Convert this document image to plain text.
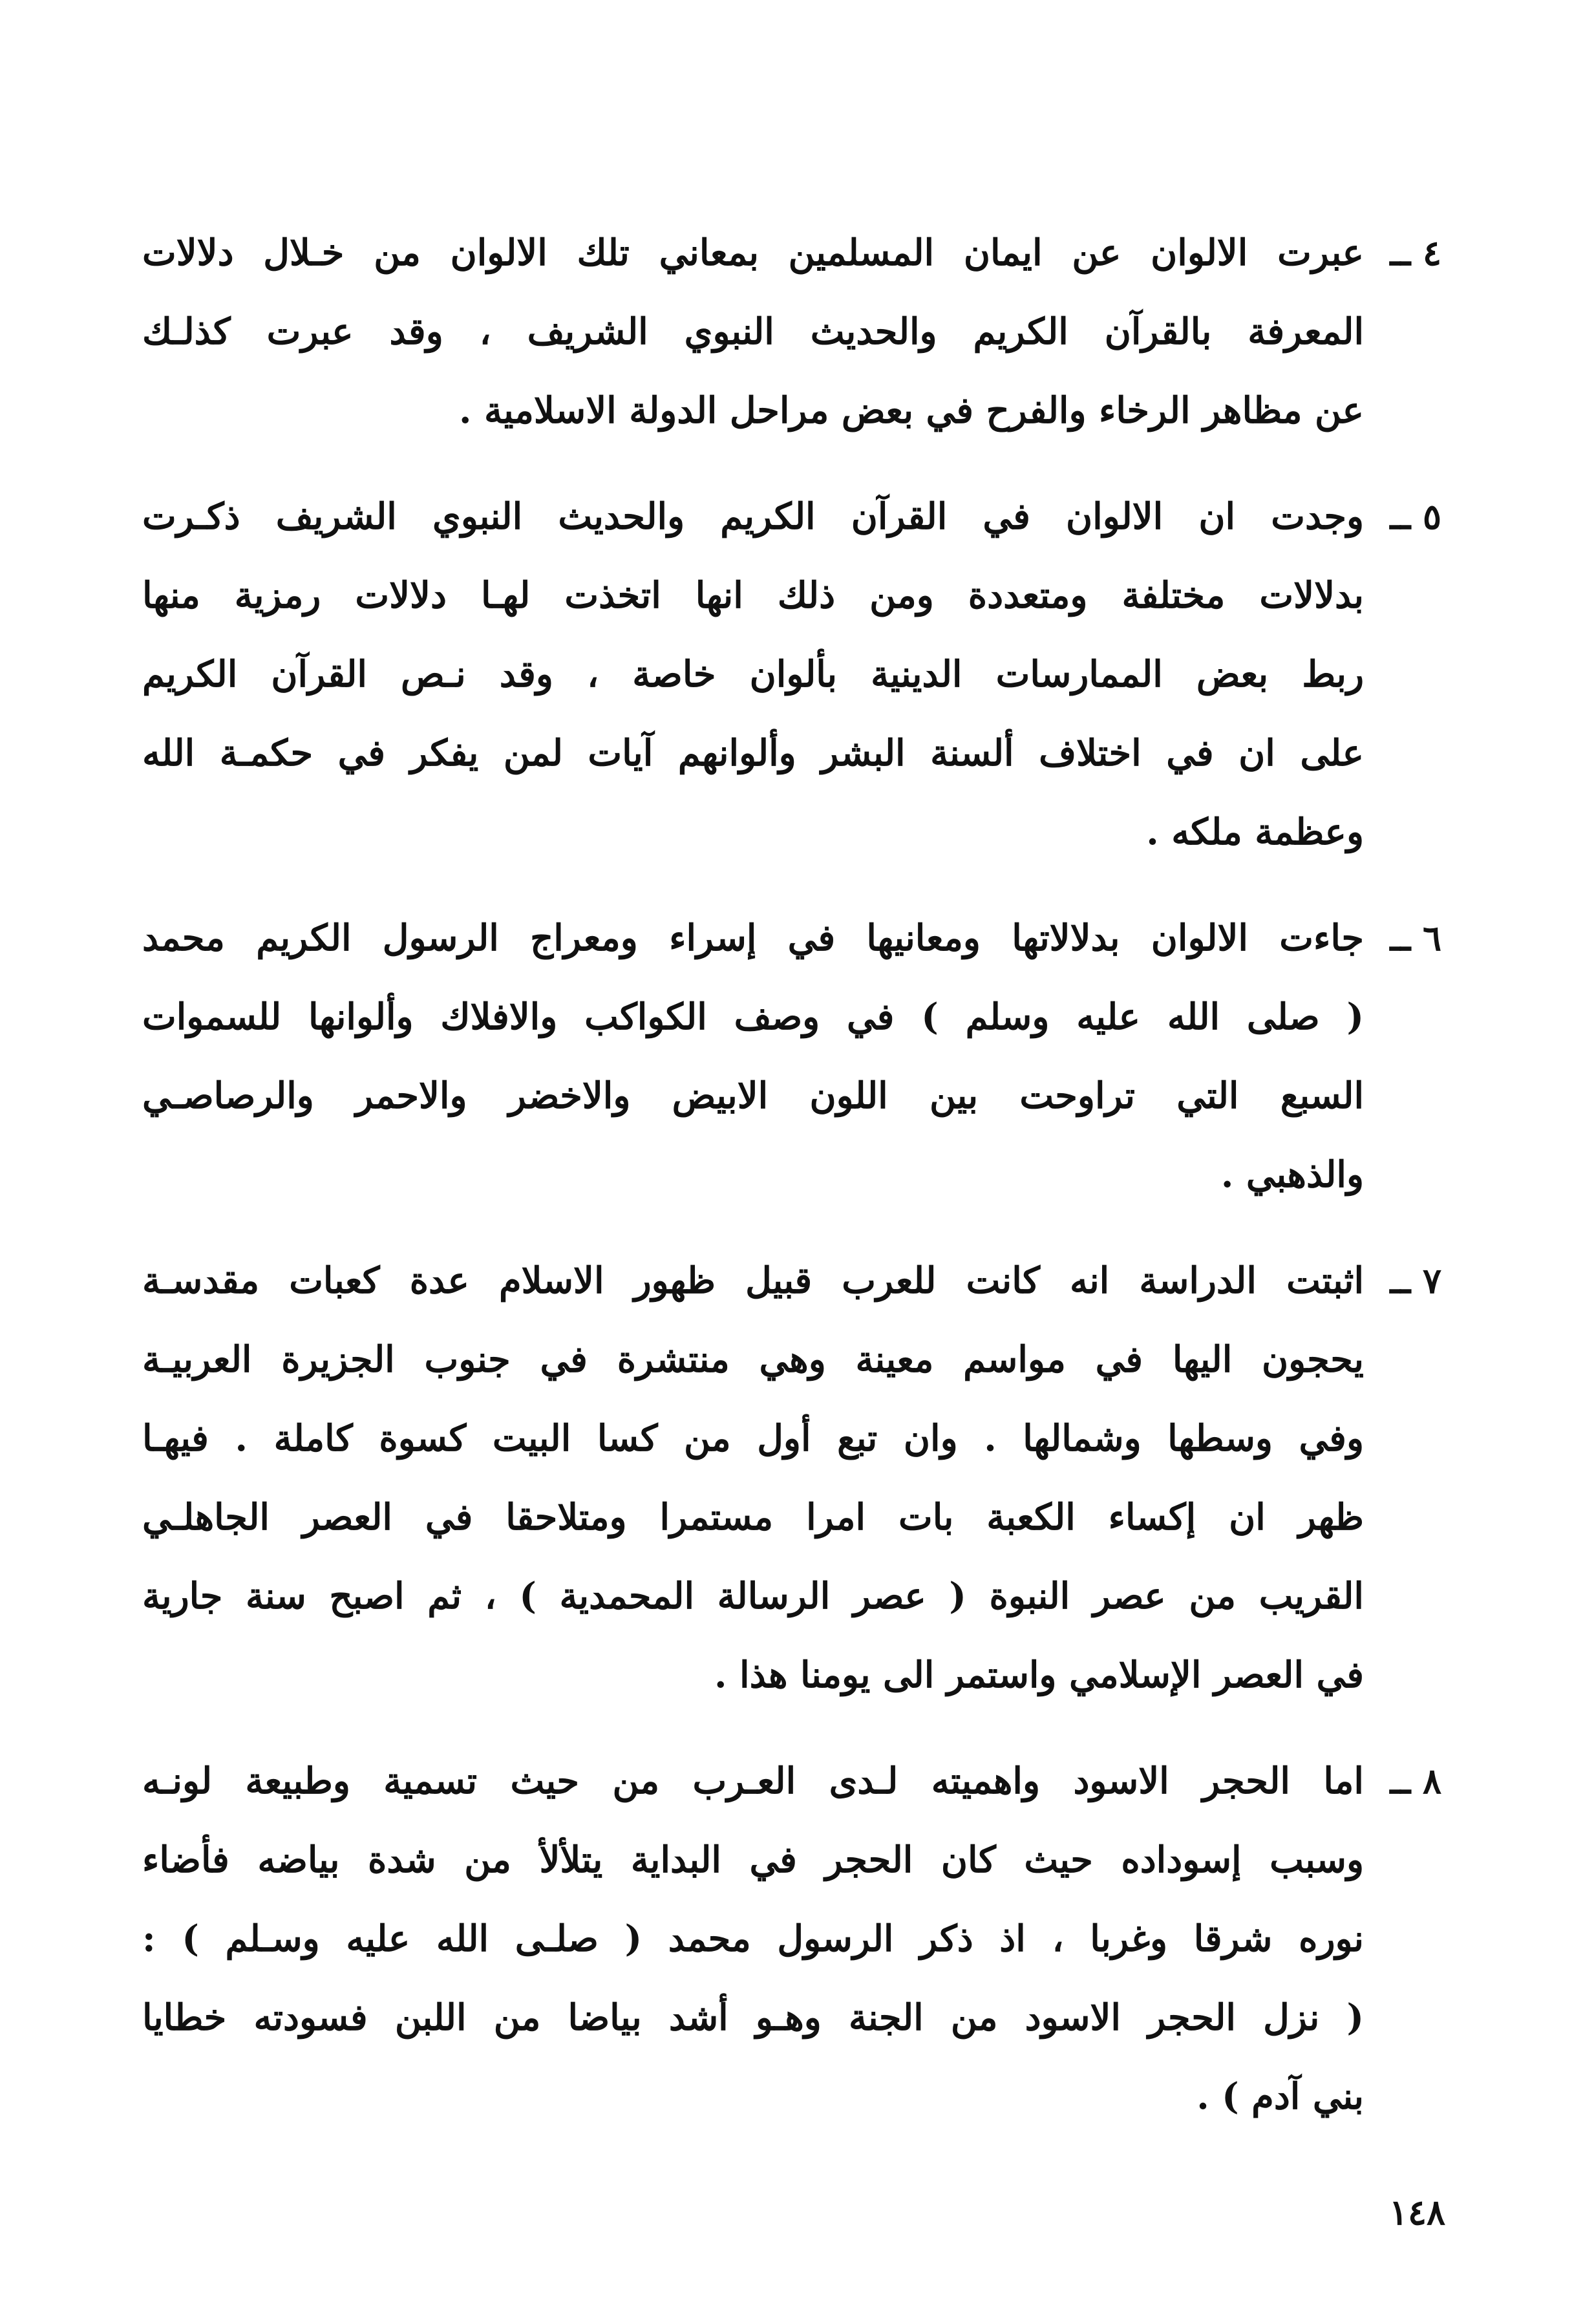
٤ ــ
عبرت الالوان عن ايمان المسلمين بمعاني تلك الالوان من خـلال دلالات
المعرفة بالقرآن الكريم والحديث النبوي الشريف ، وقد عبرت كذلـك
عن مظاهر الرخاء والفرح في بعض مراحل الدولة الاسلامية .
٥ ــ
وجدت ان الالوان في القرآن الكريم والحديث النبوي الشريف ذكـرت
بدلالات مختلفة ومتعددة ومن ذلك انها اتخذت لهـا دلالات رمزية منها
ربط بعض الممارسات الدينية بألوان خاصة ، وقد نـص القرآن الكريم
على ان في اختلاف ألسنة البشر وألوانهم آيات لمن يفكر في حكمـة الله
وعظمة ملكه .
٦ ــ
جاءت الالوان بدلالاتها ومعانيها في إسراء ومعراج الرسول الكريم محمد
( صلى الله عليه وسلم ) في وصف الكواكب والافلاك وألوانها للسموات
السبع التي تراوحت بين اللون الابيض والاخضر والاحمر والرصاصـي
والذهبي .
٧ ــ
اثبتت الدراسة انه كانت للعرب قبيل ظهور الاسلام عدة كعبات مقدسـة
يحجون اليها في مواسم معينة وهي منتشرة في جنوب الجزيرة العربيـة
وفي وسطها وشمالها . وان تبع أول من كسا البيت كسوة كاملة . فيهـا
ظهر ان إكساء الكعبة بات امرا مستمرا ومتلاحقا في العصر الجاهلـي
القريب من عصر النبوة ( عصر الرسالة المحمدية ) ، ثم اصبح سنة جارية
في العصر الإسلامي واستمر الى يومنا هذا .
٨ ــ
اما الحجر الاسود واهميته لـدى العـرب من حيث تسمية وطبيعة لونـه
وسبب إسوداده حيث كان الحجر في البداية يتلألأ من شدة بياضه فأضاء
نوره شرقا وغربا ، اذ ذكر الرسول محمد ( صلـى الله عليه وسـلم ) :
( نزل الحجر الاسود من الجنة وهـو أشد بياضا من اللبن فسودته خطايا
بني آدم ) .
١٤٨
